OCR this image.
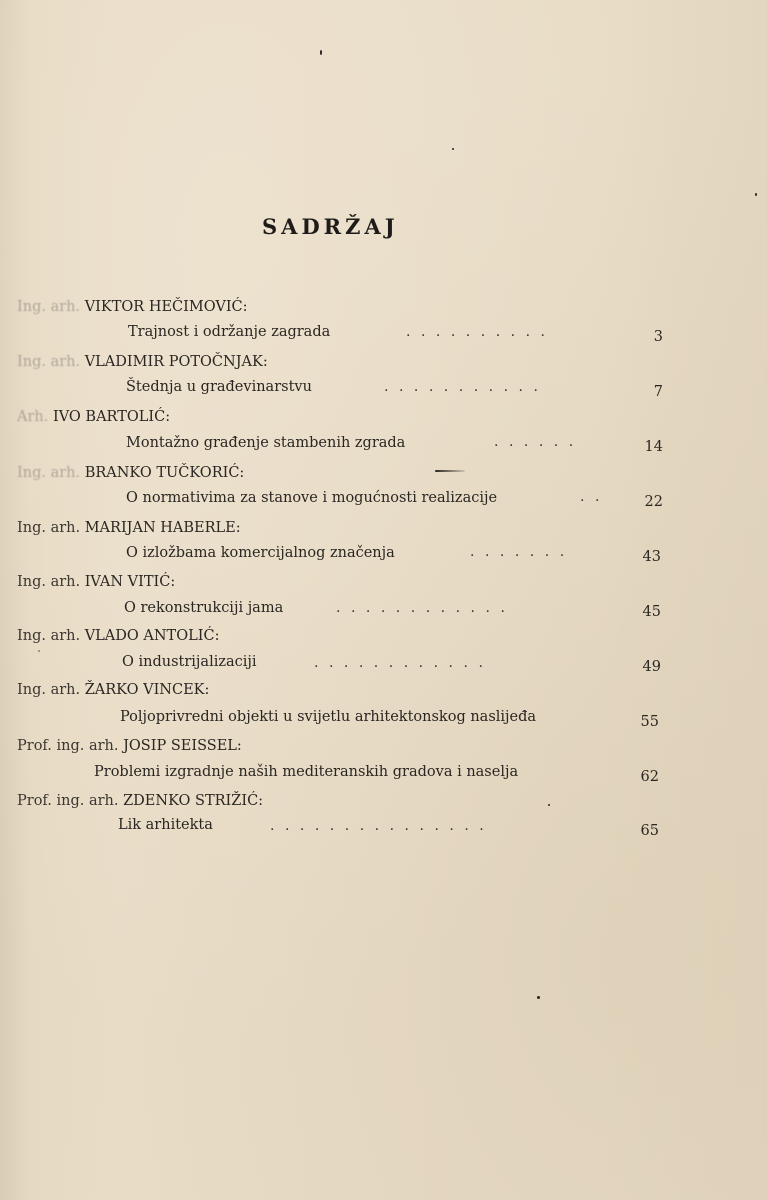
SADRŽAJ
Ing. arh. VIKTOR HEČIMOVIĆ:
Trajnost i održanje zagrada	..........	3
Ing. arh. VLADIMIR POTOČNJAK:
Štednja u građevinarstvu	...........	7
Arh. IVO BARTOLIĆ:
Montažno građenje stambenih zgrada	......	14
Ing. arh. BRANKO TUČKORIĆ:
O normativima za stanove i mogućnosti realizacije	..	22
Ing. arh. MARIJAN HABERLE:
O izložbama komercijalnog značenja	.......	43
Ing. arh. IVAN VITIĆ:
O rekonstrukciji jama	............	45
Ing. arh. VLADO ANTOLIĆ:
O industrijalizaciji	............	49
Ing. arh. ŽARKO VINCEK:
Poljoprivredni objekti u svijetlu arhitektonskog naslijeđa	55
Prof. ing. arh. JOSIP SEISSEL:
Problemi izgradnje naših mediteranskih gradova i naselja	62
Prof. ing. arh. ZDENKO STRIŽIĆ:
Lik arhitekta	...............	65
